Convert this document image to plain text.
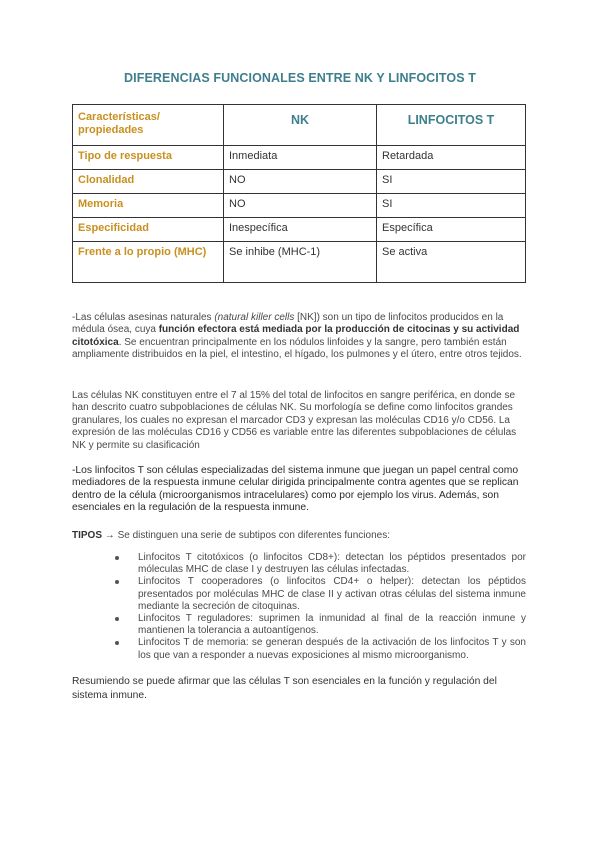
DIFERENCIAS FUNCIONALES ENTRE NK Y LINFOCITOS T
Características/ propiedades	NK	LINFOCITOS T
Tipo de respuesta	Inmediata	Retardada
Clonalidad	NO	SI
Memoria	NO	SI
Especificidad	Inespecífica	Específica
Frente a lo propio (MHC)	Se inhibe (MHC-1)	Se activa
-Las células asesinas naturales (natural killer cells [NK]) son un tipo de linfocitos producidos en la médula ósea, cuya función efectora está mediada por la producción de citocinas y su actividad citotóxica. Se encuentran principalmente en los nódulos linfoides y la sangre, pero también están ampliamente distribuidos en la piel, el intestino, el hígado, los pulmones y el útero, entre otros tejidos.
Las células NK constituyen entre el 7 al 15% del total de linfocitos en sangre periférica, en donde se han descrito cuatro subpoblaciones de células NK. Su morfología se define como linfocitos grandes granulares, los cuales no expresan el marcador CD3 y expresan las moléculas CD16 y/o CD56. La expresión de las moléculas CD16 y CD56 es variable entre las diferentes subpoblaciones de células NK y permite su clasificación
-Los linfocitos T son células especializadas del sistema inmune que juegan un papel central como mediadores de la respuesta inmune celular dirigida principalmente contra agentes que se replican dentro de la célula (microorganismos intracelulares) como por ejemplo los virus. Además, son esenciales en la regulación de la respuesta inmune.
TIPOS → Se distinguen una serie de subtipos con diferentes funciones:
Linfocitos T citotóxicos (o linfocitos CD8+): detectan los péptidos presentados por móleculas MHC de clase I y destruyen las células infectadas.
Linfocitos T cooperadores (o linfocitos CD4+ o helper): detectan los péptidos presentados por moléculas MHC de clase II y activan otras células del sistema inmune mediante la secreción de citoquinas.
Linfocitos T reguladores: suprimen la inmunidad al final de la reacción inmune y mantienen la tolerancia a autoantígenos.
Linfocitos T de memoria: se generan después de la activación de los linfocitos T y son los que van a responder a nuevas exposiciones al mismo microorganismo.
Resumiendo se puede afirmar que las células T son esenciales en la función y regulación del sistema inmune.
